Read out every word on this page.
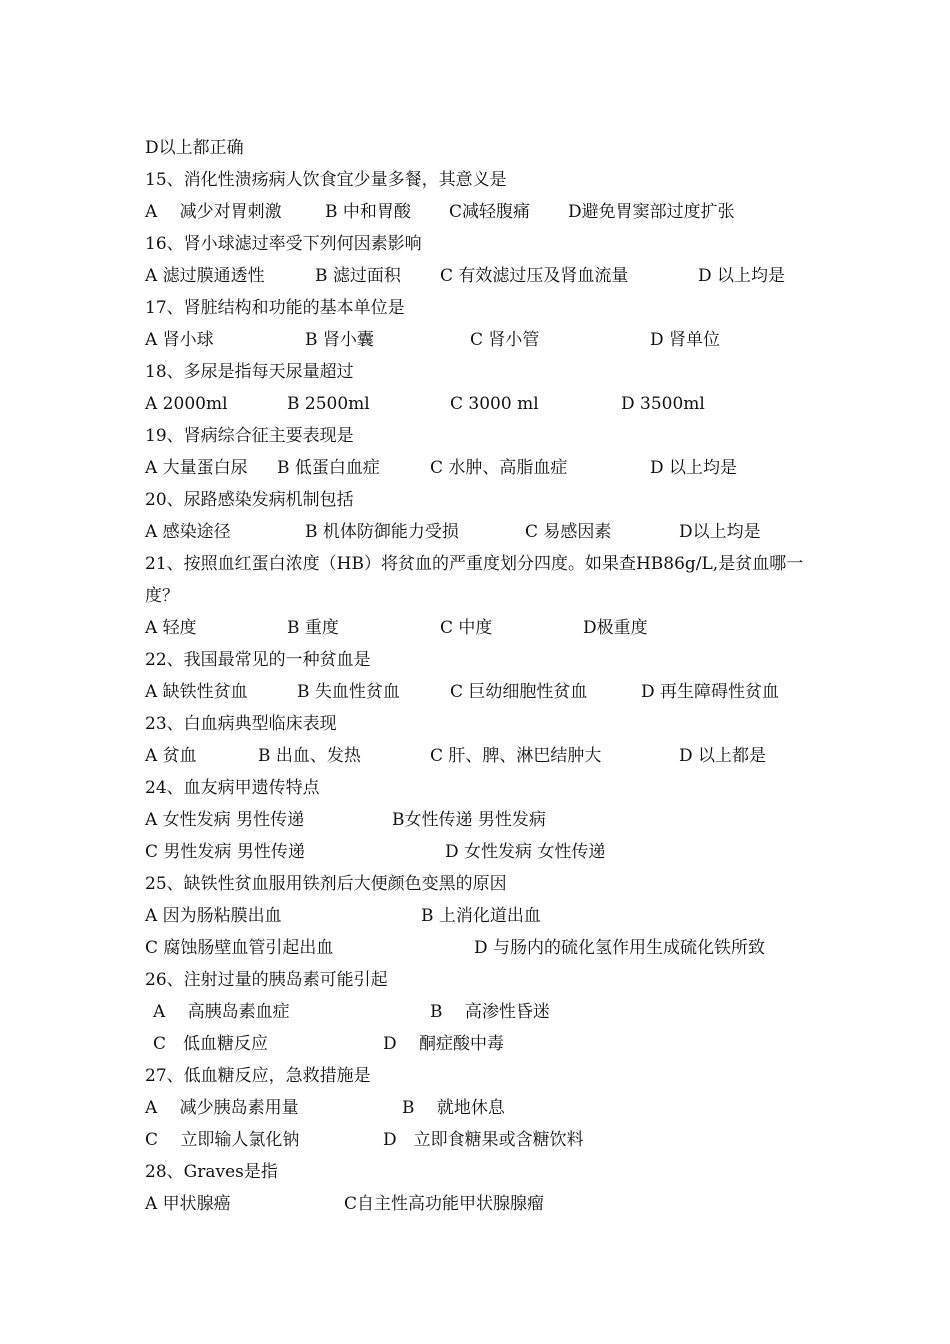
D以上都正确
15、消化性溃疡病人饮食宜少量多餐，其意义是
A　 减少对胃刺激	B 中和胃酸 C减轻腹痛 D避免胃窦部过度扩张
16、肾小球滤过率受下列何因素影响
A 滤过膜通透性	B 滤过面积 C 有效滤过压及肾血流量	D 以上均是
17、肾脏结构和功能的基本单位是
A 肾小球	B 肾小囊	C 肾小管	D 肾单位
18、多尿是指每天尿量超过
A 2000ml	B 2500ml	C 3000 ml	D 3500ml
19、肾病综合征主要表现是
A 大量蛋白尿 B 低蛋白血症	C 水肿、高脂血症	D 以上均是
20、尿路感染发病机制包括
A 感染途径	B 机体防御能力受损	C 易感因素	D以上均是
21、按照血红蛋白浓度（HB）将贫血的严重度划分四度。如果查HB86g/L,是贫血哪一度？
A 轻度	B 重度	C 中度	D极重度
22、我国最常见的一种贫血是
A 缺铁性贫血	B 失血性贫血	C 巨幼细胞性贫血	D 再生障碍性贫血
23、白血病典型临床表现
A 贫血	B 出血、发热	C 肝、脾、淋巴结肿大	D 以上都是
24、血友病甲遗传特点
A 女性发病 男性传递	B女性传递 男性发病
C 男性发病 男性传递	D 女性发病 女性传递
25、缺铁性贫血服用铁剂后大便颜色变黑的原因
A 因为肠粘膜出血	B 上消化道出血
C 腐蚀肠壁血管引起出血	D 与肠内的硫化氢作用生成硫化铁所致
26、注射过量的胰岛素可能引起
A　 高胰岛素血症	B　 高渗性昏迷
C　低血糖反应	D　 酮症酸中毒
27、低血糖反应，急救措施是
A　 减少胰岛素用量	B　 就地休息
C　 立即输人氯化钠	D　立即食糖果或含糖饮料
28、Graves是指
A 甲状腺癌	C自主性高功能甲状腺腺瘤
